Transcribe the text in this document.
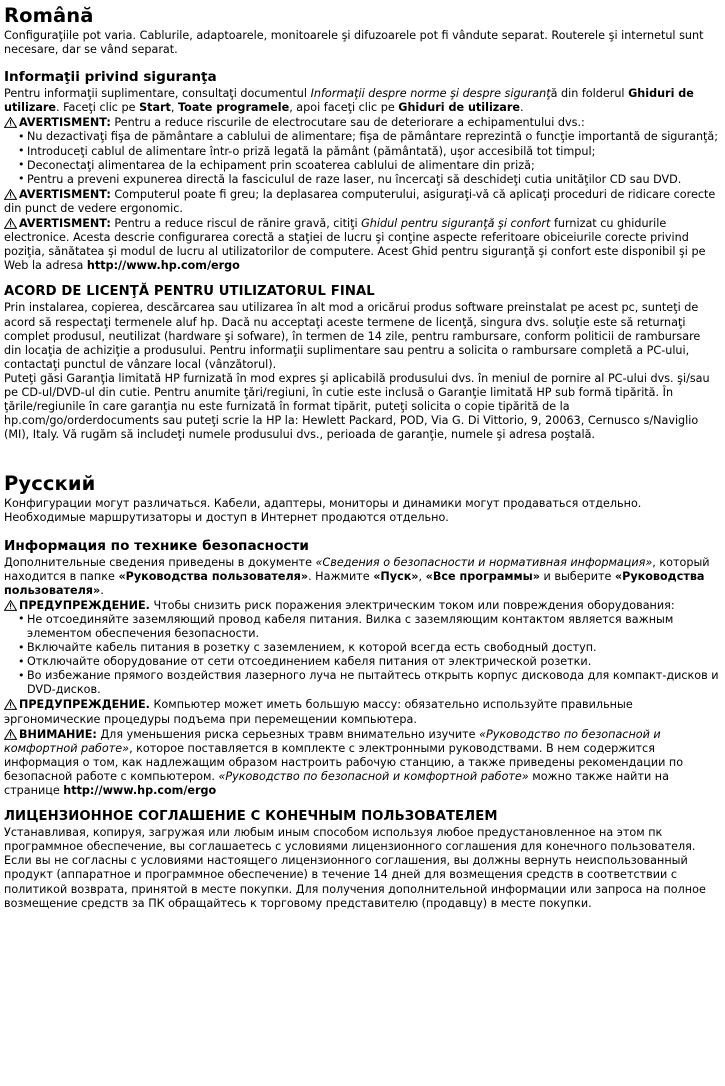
Română

Configuraţiile pot varia. Cablurile, adaptoarele, monitoarele şi difuzoarele pot fi vândute separat. Routerele şi internetul sunt necesare, dar se vând separat.

Informaţii privind siguranţa

Pentru informaţii suplimentare, consultaţi documentul Informaţii despre norme şi despre siguranţă din folderul Ghiduri de utilizare. Faceţi clic pe Start, Toate programele, apoi faceţi clic pe Ghiduri de utilizare.

AVERTISMENT: Pentru a reduce riscurile de electrocutare sau de deteriorare a echipamentului dvs.:

• Nu dezactivaţi fişa de pământare a cablului de alimentare; fişa de pământare reprezintă o funcţie importantă de siguranţă;
• Introduceţi cablul de alimentare într-o priză legată la pământ (pământată), uşor accesibilă tot timpul;
• Deconectaţi alimentarea de la echipament prin scoaterea cablului de alimentare din priză;
• Pentru a preveni expunerea directă la fasciculul de raze laser, nu încercaţi să deschideţi cutia unităţilor CD sau DVD.

AVERTISMENT: Computerul poate fi greu; la deplasarea computerului, asiguraţi-vă că aplicaţi proceduri de ridicare corecte din punct de vedere ergonomic.

AVERTISMENT: Pentru a reduce riscul de rănire gravă, citiţi Ghidul pentru siguranţă şi confort furnizat cu ghidurile electronice. Acesta descrie configurarea corectă a staţiei de lucru şi conţine aspecte referitoare obiceiurile corecte privind poziţia, sănătatea şi modul de lucru al utilizatorilor de computere. Acest Ghid pentru siguranţă şi confort este disponibil şi pe Web la adresa http://www.hp.com/ergo

ACORD DE LICENŢĂ PENTRU UTILIZATORUL FINAL

Prin instalarea, copierea, descărcarea sau utilizarea în alt mod a oricărui produs software preinstalat pe acest pc, sunteţi de acord să respectaţi termenele aluf hp. Dacă nu acceptaţi aceste termene de licenţă, singura dvs. soluţie este să returnaţi complet produsul, neutilizat (hardware şi sofware), în termen de 14 zile, pentru rambursare, conform politicii de rambursare din locaţia de achiziţie a produsului. Pentru informaţii suplimentare sau pentru a solicita o rambursare completă a PC-ului, contactaţi punctul de vânzare local (vânzătorul).

Puteţi găsi Garanţia limitată HP furnizată în mod expres şi aplicabilă produsului dvs. în meniul de pornire al PC-ului dvs. şi/sau pe CD-ul/DVD-ul din cutie. Pentru anumite ţări/regiuni, în cutie este inclusă o Garanţie limitată HP sub formă tipărită. În ţările/regiunile în care garanţia nu este furnizată în format tipărit, puteţi solicita o copie tipărită de la hp.com/go/orderdocuments sau puteţi scrie la HP la: Hewlett Packard, POD, Via G. Di Vittorio, 9, 20063, Cernusco s/Naviglio (MI), Italy. Vă rugăm să includeţi numele produsului dvs., perioada de garanţie, numele şi adresa poştală.

Русский

Конфигурации могут различаться. Кабели, адаптеры, мониторы и динамики могут продаваться отдельно.

Необходимые маршрутизаторы и доступ в Интернет продаются отдельно.

Информация по технике безопасности

Дополнительные сведения приведены в документе «Сведения о безопасности и нормативная информация», который находится в папке «Руководства пользователя». Нажмите «Пуск», «Все программы» и выберите «Руководства пользователя».

ПРЕДУПРЕЖДЕНИЕ. Чтобы снизить риск поражения электрическим током или повреждения оборудования:

• Не отсоединяйте заземляющий провод кабеля питания. Вилка с заземляющим контактом является важным элементом обеспечения безопасности.
• Включайте кабель питания в розетку с заземлением, к которой всегда есть свободный доступ.
• Отключайте оборудование от сети отсоединением кабеля питания от электрической розетки.
• Во избежание прямого воздействия лазерного луча не пытайтесь открыть корпус дисковода для компакт-дисков и DVD-дисков.

ПРЕДУПРЕЖДЕНИЕ. Компьютер может иметь большую массу: обязательно используйте правильные эргономические процедуры подъема при перемещении компьютера.

ВНИМАНИЕ: Для уменьшения риска серьезных травм внимательно изучите «Руководство по безопасной и комфортной работе», которое поставляется в комплекте с электронными руководствами. В нем содержится информация о том, как надлежащим образом настроить рабочую станцию, а также приведены рекомендации по безопасной работе с компьютером. «Руководство по безопасной и комфортной работе» можно также найти на странице http://www.hp.com/ergo

ЛИЦЕНЗИОННОЕ СОГЛАШЕНИЕ С КОНЕЧНЫМ ПОЛЬЗОВАТЕЛЕМ

Устанавливая, копируя, загружая или любым иным способом используя любое предустановленное на этом пк программное обеспечение, вы соглашаетесь с условиями лицензионного соглашения для конечного пользователя. Если вы не согласны с условиями настоящего лицензионного соглашения, вы должны вернуть неиспользованный продукт (аппаратное и программное обеспечение) в течение 14 дней для возмещения средств в соответствии с политикой возврата, принятой в месте покупки. Для получения дополнительной информации или запроса на полное возмещение средств за ПК обращайтесь к торговому представителю (продавцу) в месте покупки.
